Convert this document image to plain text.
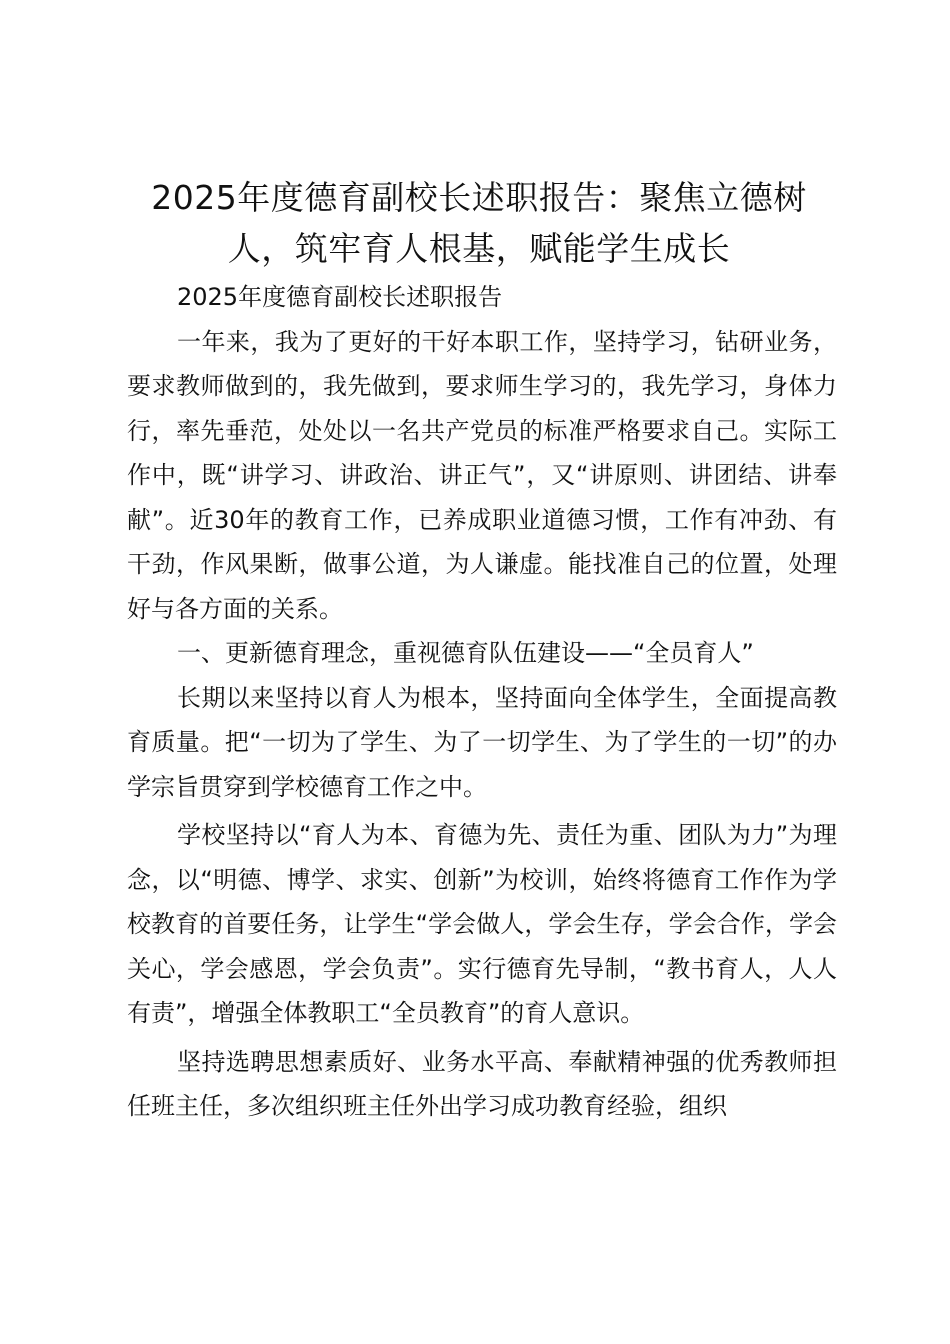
2025年度德育副校长述职报告：聚焦立德树人，筑牢育人根基，赋能学生成长

2025年度德育副校长述职报告

一年来，我为了更好的干好本职工作，坚持学习，钻研业务，要求教师做到的，我先做到，要求师生学习的，我先学习，身体力行，率先垂范，处处以一名共产党员的标准严格要求自己。实际工作中，既“讲学习、讲政治、讲正气”，又“讲原则、讲团结、讲奉献”。近30年的教育工作，已养成职业道德习惯，工作有冲劲、有干劲，作风果断，做事公道，为人谦虚。能找准自己的位置，处理好与各方面的关系。

一、更新德育理念，重视德育队伍建设——“全员育人”

长期以来坚持以育人为根本，坚持面向全体学生，全面提高教育质量。把“一切为了学生、为了一切学生、为了学生的一切”的办学宗旨贯穿到学校德育工作之中。

学校坚持以“育人为本、育德为先、责任为重、团队为力”为理念，以“明德、博学、求实、创新”为校训，始终将德育工作作为学校教育的首要任务，让学生“学会做人，学会生存，学会合作，学会关心，学会感恩，学会负责”。实行德育先导制，“教书育人，人人有责”，增强全体教职工“全员教育”的育人意识。

坚持选聘思想素质好、业务水平高、奉献精神强的优秀教师担任班主任，多次组织班主任外出学习成功教育经验，组织
